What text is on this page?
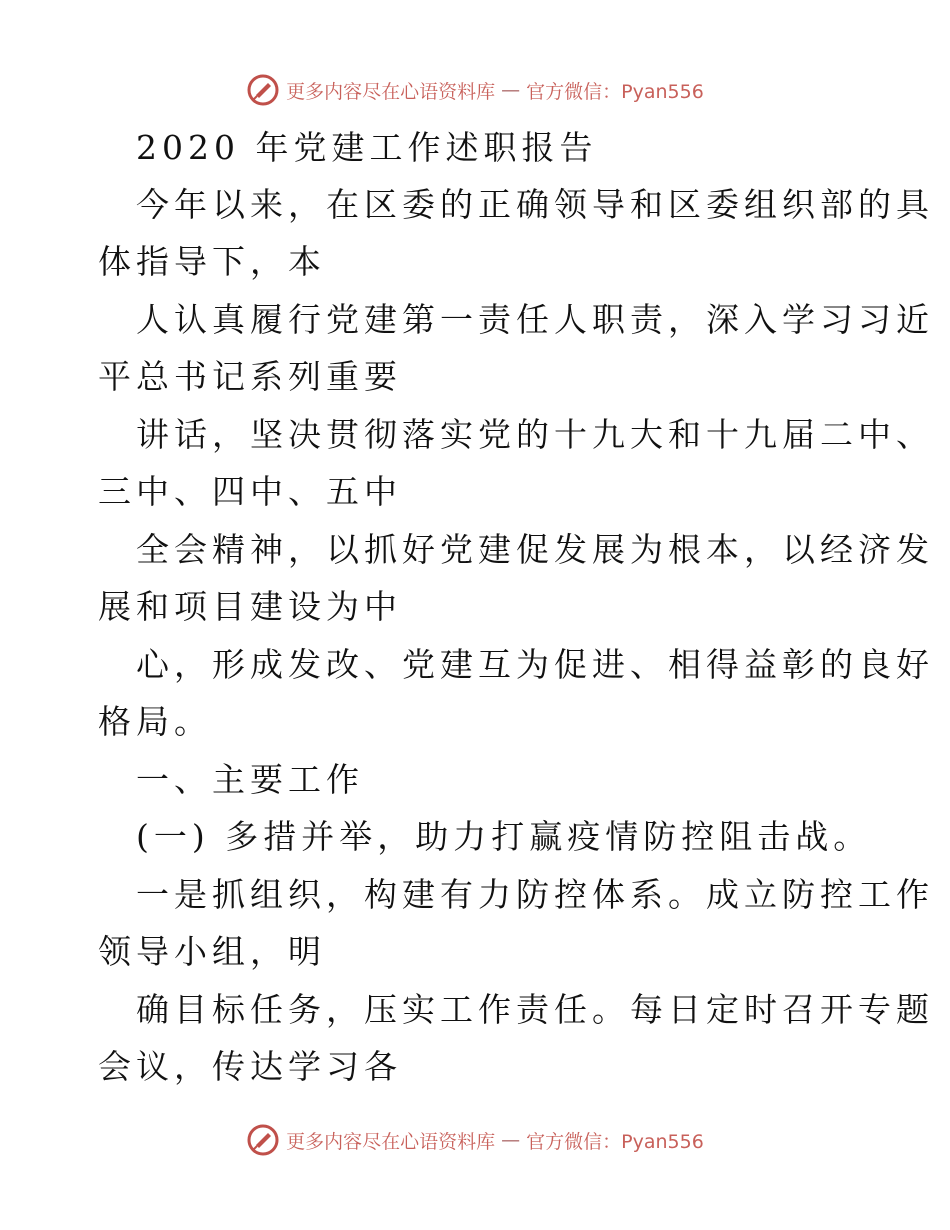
更多内容尽在心语资料库 — 官方微信：Pyan556
2020 年党建工作述职报告
今年以来，在区委的正确领导和区委组织部的具
体指导下，本
人认真履行党建第一责任人职责，深入学习习近
平总书记系列重要
讲话，坚决贯彻落实党的十九大和十九届二中、
三中、四中、五中
全会精神，以抓好党建促发展为根本，以经济发
展和项目建设为中
心，形成发改、党建互为促进、相得益彰的良好
格局。
一、主要工作
(一) 多措并举，助力打赢疫情防控阻击战。
一是抓组织，构建有力防控体系。成立防控工作
领导小组，明
确目标任务，压实工作责任。每日定时召开专题
会议，传达学习各
更多内容尽在心语资料库 — 官方微信：Pyan556
